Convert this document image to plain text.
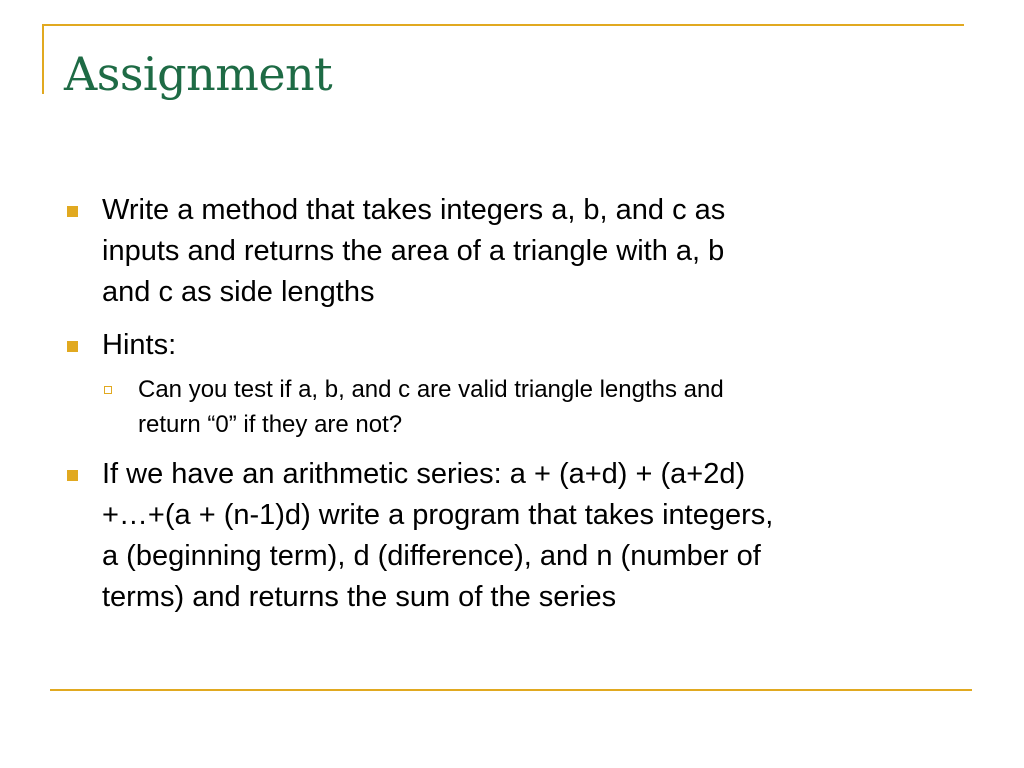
Assignment
Write a method that takes integers a, b, and c as
inputs and returns the area of a triangle with a, b
and c as side lengths
Hints:
Can you test if a, b, and c are valid triangle lengths and
return “0” if they are not?
If we have an arithmetic series: a + (a+d) + (a+2d)
+…+(a + (n-1)d) write a program that takes integers,
a (beginning term), d (difference), and n (number of
terms) and returns the sum of the series
